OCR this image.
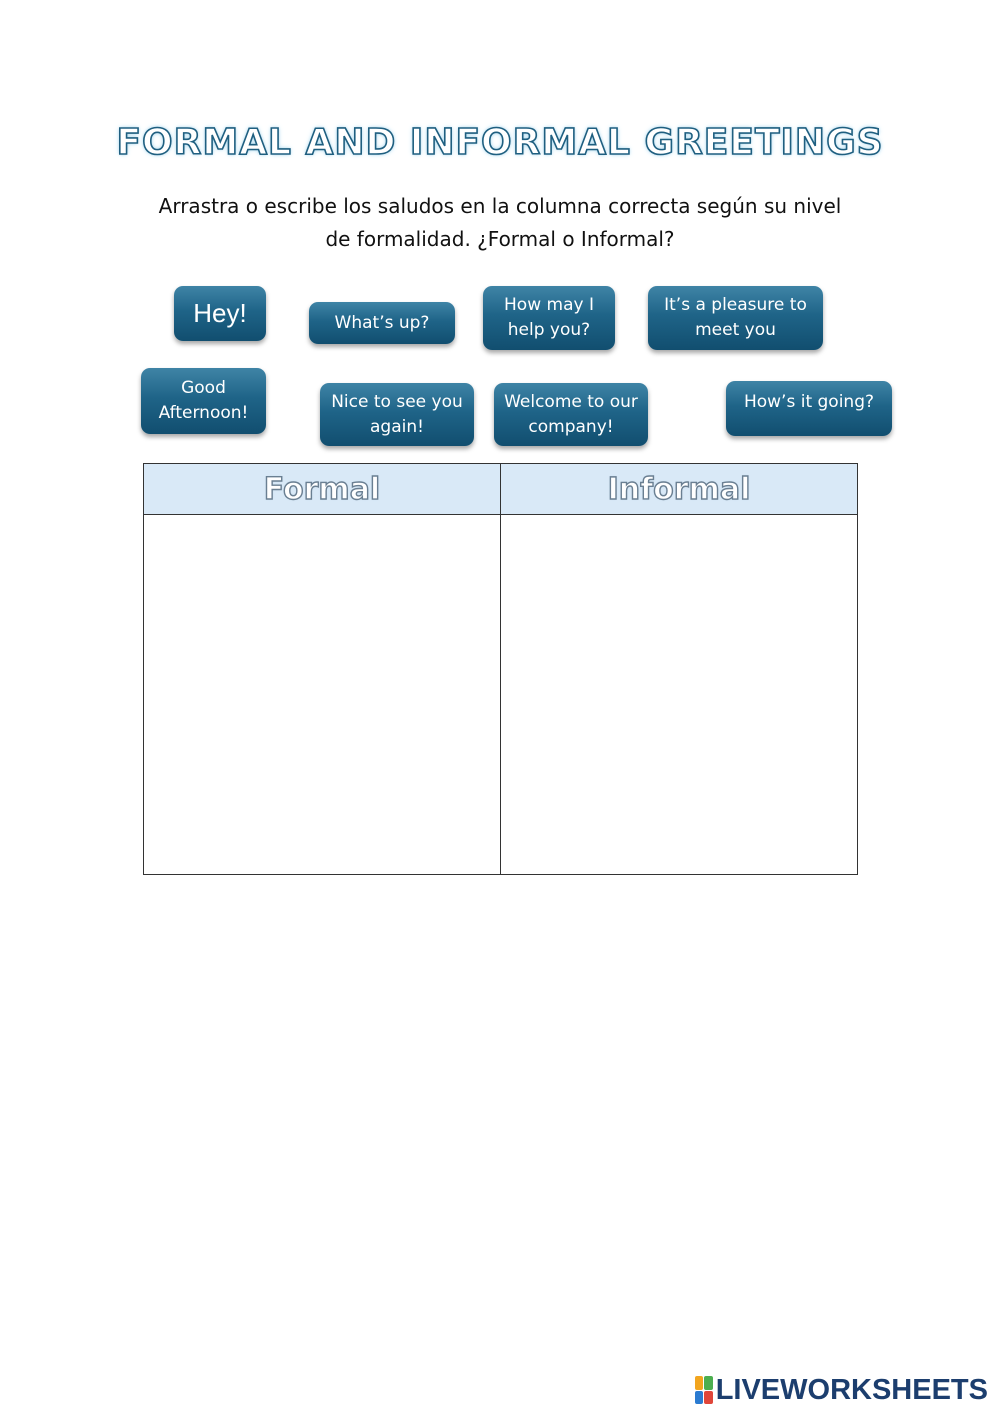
FORMAL AND INFORMAL GREETINGS
Arrastra o escribe los saludos en la columna correcta según su nivel de formalidad. ¿Formal o Informal?
Hey!	What’s up?
How may I help you?
It’s a pleasure to meet you
Good Afternoon!
Nice to see you again!
Welcome to our company!
How’s it going?
Formal	Informal

LIVEWORKSHEETS
